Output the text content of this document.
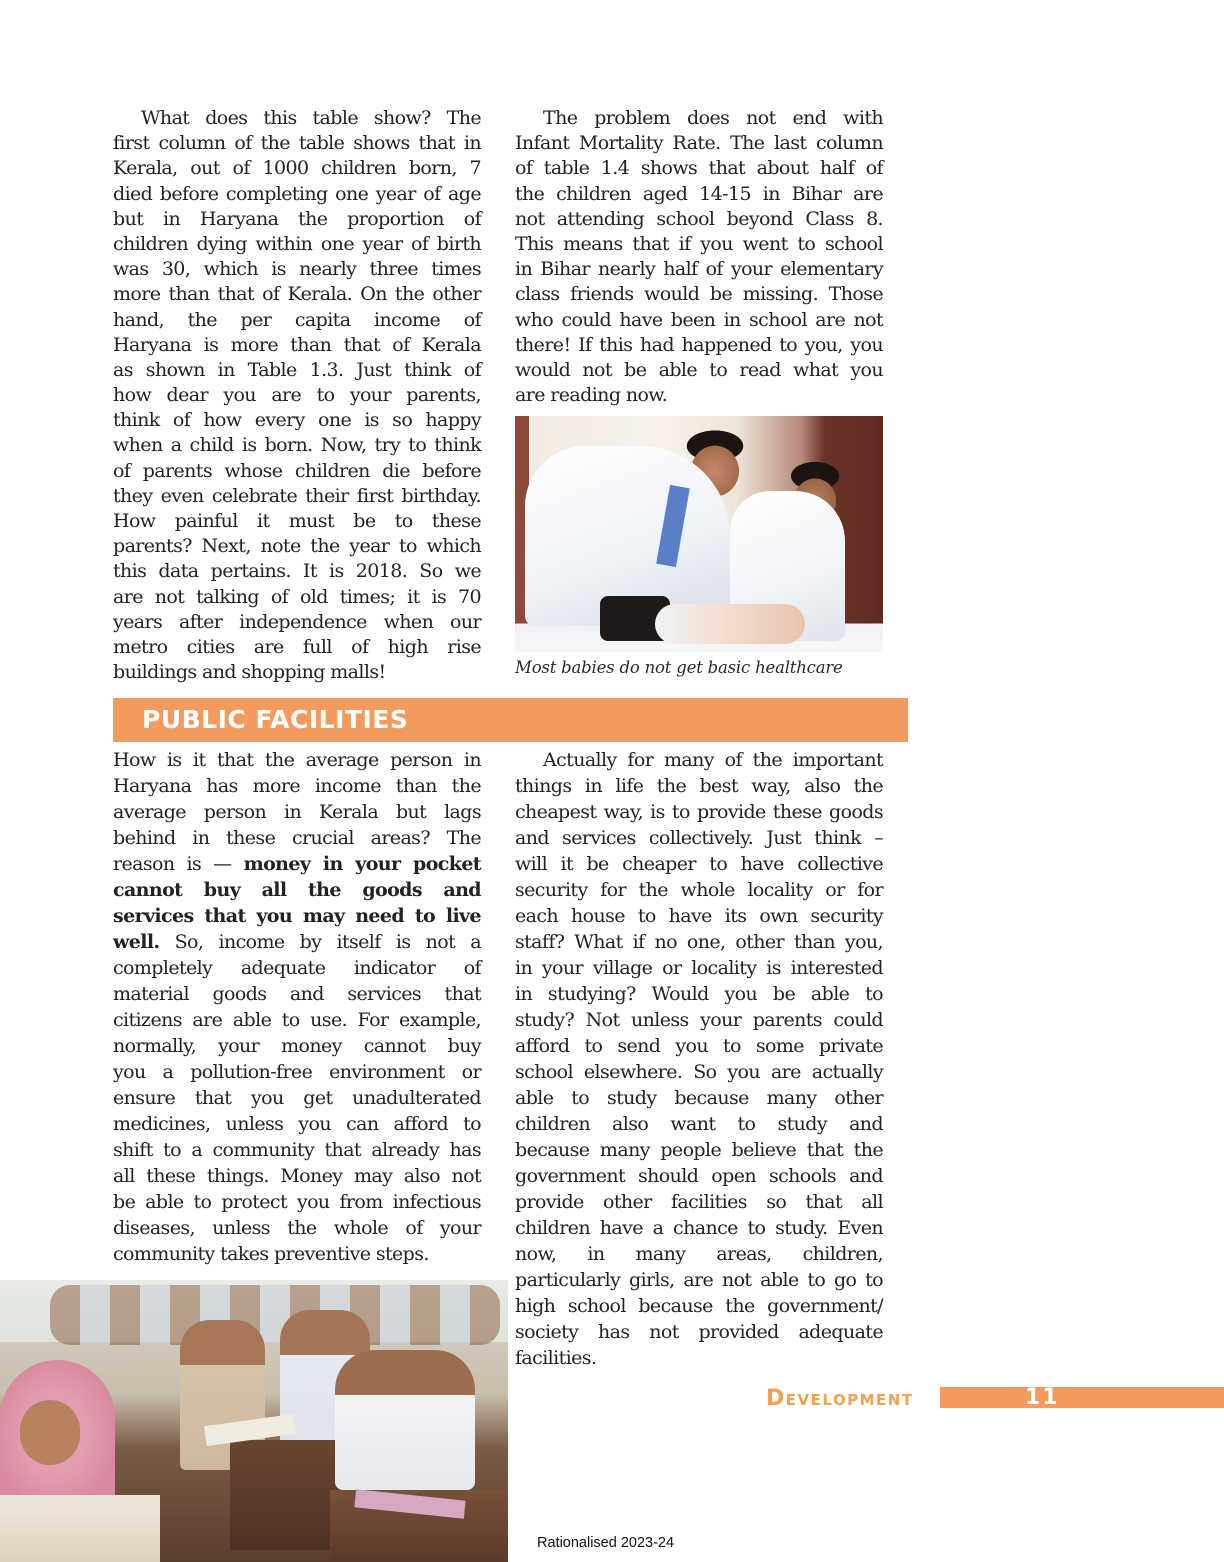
What does this table show? The
first column of the table shows that in
Kerala, out of 1000 children born, 7
died before completing one year of age
but in Haryana the proportion of
children dying within one year of birth
was 30, which is nearly three times
more than that of Kerala. On the other
hand, the per capita income of
Haryana is more than that of Kerala
as shown in Table 1.3. Just think of
how dear you are to your parents,
think of how every one is so happy
when a child is born. Now, try to think
of parents whose children die before
they even celebrate their first birthday.
How painful it must be to these
parents? Next, note the year to which
this data pertains. It is 2018. So we
are not talking of old times; it is 70
years after independence when our
metro cities are full of high rise
buildings and shopping malls!
The problem does not end with
Infant Mortality Rate. The last column
of table 1.4 shows that about half of
the children aged 14-15 in Bihar are
not attending school beyond Class 8.
This means that if you went to school
in Bihar nearly half of your elementary
class friends would be missing. Those
who could have been in school are not
there! If this had happened to you, you
would not be able to read what you
are reading now.
Most babies do not get basic healthcare
PUBLIC FACILITIES
How is it that the average person in
Haryana has more income than the
average person in Kerala but lags
behind in these crucial areas? The
reason is — money in your pocket
cannot buy all the goods and
services that you may need to live
well. So, income by itself is not a
completely adequate indicator of
material goods and services that
citizens are able to use. For example,
normally, your money cannot buy
you a pollution-free environment or
ensure that you get unadulterated
medicines, unless you can afford to
shift to a community that already has
all these things. Money may also not
be able to protect you from infectious
diseases, unless the whole of your
community takes preventive steps.
Actually for many of the important
things in life the best way, also the
cheapest way, is to provide these goods
and services collectively. Just think –
will it be cheaper to have collective
security for the whole locality or for
each house to have its own security
staff? What if no one, other than you,
in your village or locality is interested
in studying? Would you be able to
study? Not unless your parents could
afford to send you to some private
school elsewhere. So you are actually
able to study because many other
children also want to study and
because many people believe that the
government should open schools and
provide other facilities so that all
children have a chance to study. Even
now, in many areas, children,
particularly girls, are not able to go to
high school because the government/
society has not provided adequate
facilities.
Development	11
Rationalised 2023-24
